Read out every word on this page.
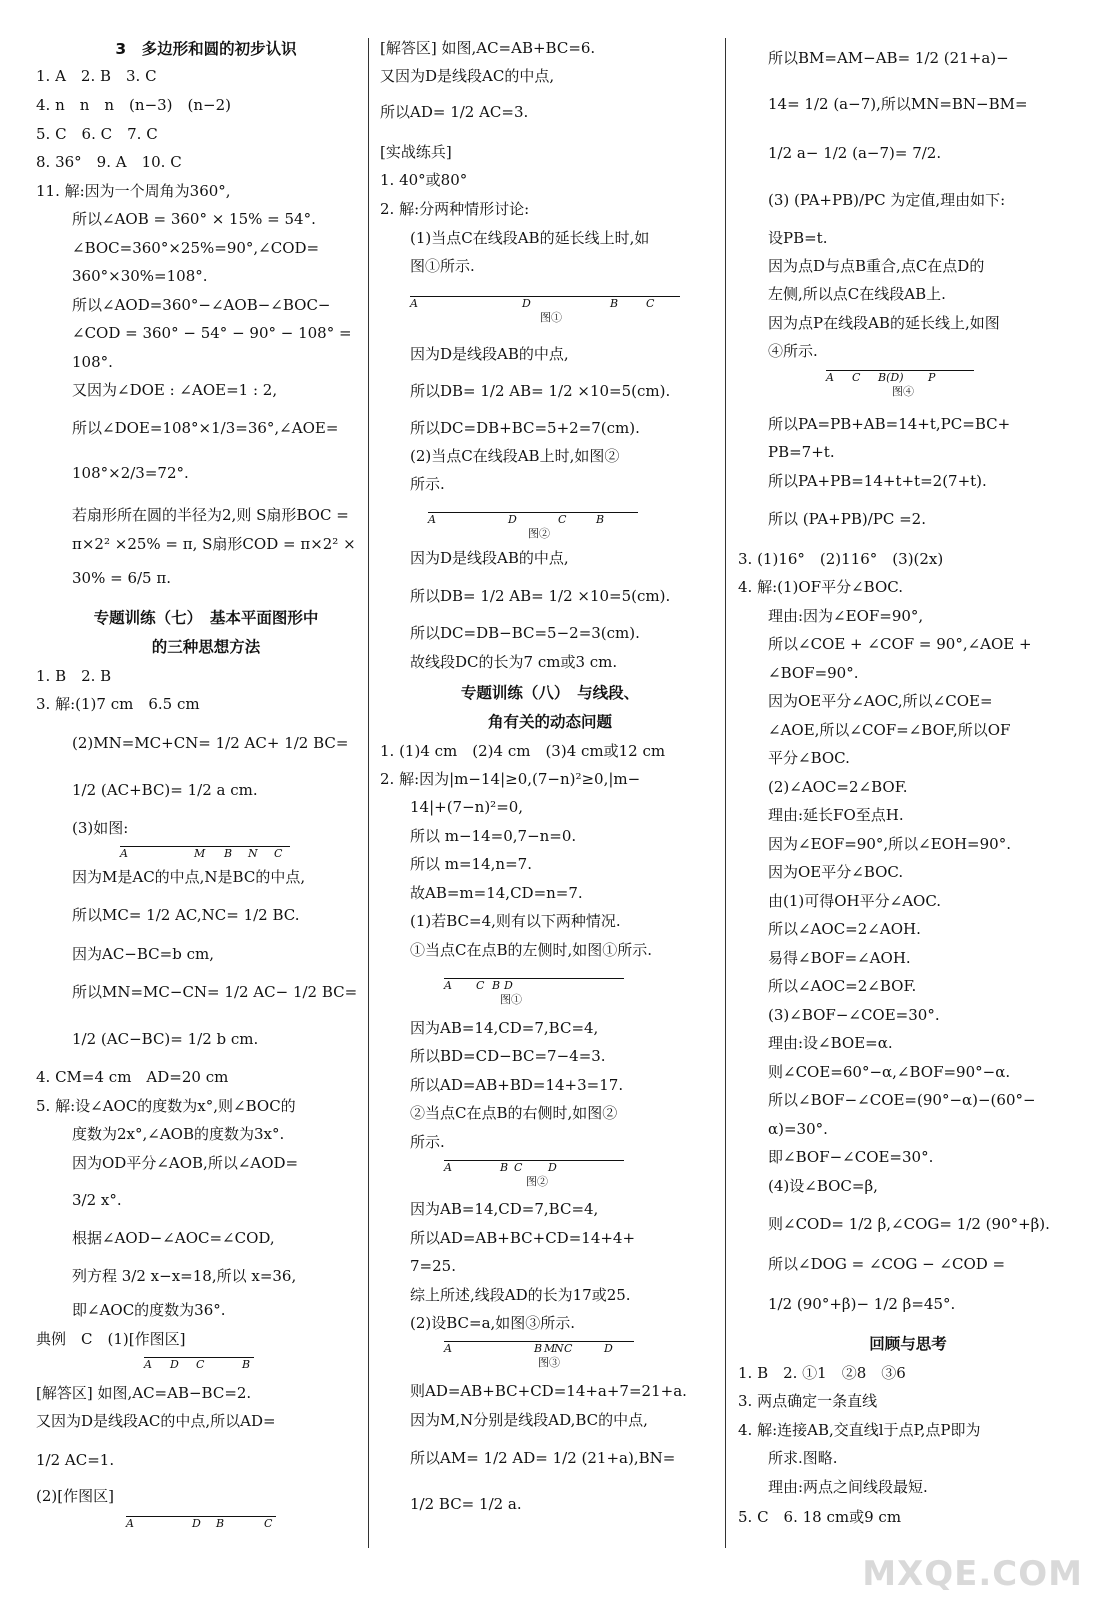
3　多边形和圆的初步认识
1. A　2. B　3. C
4. n　n　n　(n−3)　(n−2)
5. C　6. C　7. C
8. 36°　9. A　10. C
11. 解:因为一个周角为360°,
所以∠AOB = 360° × 15% = 54°.
∠BOC=360°×25%=90°,∠COD=
360°×30%=108°.
所以∠AOD=360°−∠AOB−∠BOC−
∠COD = 360° − 54° − 90° − 108° =
108°.
又因为∠DOE : ∠AOE=1 : 2,
所以∠DOE=108°×1/3=36°,∠AOE=
108°×2/3=72°.
若扇形所在圆的半径为2,则 S扇形BOC =
π×2² ×25% = π, S扇形COD = π×2² ×
30% = 6/5 π.
专题训练（七）　基本平面图形中
的三种思想方法
1. B　2. B
3. 解:(1)7 cm　6.5 cm
(2)MN=MC+CN= 1/2 AC+ 1/2 BC=
1/2 (AC+BC)= 1/2 a cm.
(3)如图:
因为M是AC的中点,N是BC的中点,
所以MC= 1/2 AC,NC= 1/2 BC.
因为AC−BC=b cm,
所以MN=MC−CN= 1/2 AC− 1/2 BC=
1/2 (AC−BC)= 1/2 b cm.
4. CM=4 cm　AD=20 cm
5. 解:设∠AOC的度数为x°,则∠BOC的
度数为2x°,∠AOB的度数为3x°.
因为OD平分∠AOB,所以∠AOD=
3/2 x°.
根据∠AOD−∠AOC=∠COD,
列方程 3/2 x−x=18,所以 x=36,
即∠AOC的度数为36°.
典例　C　(1)[作图区]
[解答区] 如图,AC=AB−BC=2.
又因为D是线段AC的中点,所以AD=
1/2 AC=1.
(2)[作图区]
A	M B N C
A D C	B
A	D B	C
[解答区] 如图,AC=AB+BC=6.
又因为D是线段AC的中点,
所以AD= 1/2 AC=3.
[实战练兵]
1. 40°或80°
2. 解:分两种情形讨论:
(1)当点C在线段AB的延长线上时,如
图①所示.
因为D是线段AB的中点,
所以DB= 1/2 AB= 1/2 ×10=5(cm).
所以DC=DB+BC=5+2=7(cm).
(2)当点C在线段AB上时,如图②
所示.
因为D是线段AB的中点,
所以DB= 1/2 AB= 1/2 ×10=5(cm).
所以DC=DB−BC=5−2=3(cm).
故线段DC的长为7 cm或3 cm.
专题训练（八）　与线段、
角有关的动态问题
1. (1)4 cm　(2)4 cm　(3)4 cm或12 cm
2. 解:因为|m−14|≥0,(7−n)²≥0,|m−
14|+(7−n)²=0,
所以 m−14=0,7−n=0.
所以 m=14,n=7.
故AB=m=14,CD=n=7.
(1)若BC=4,则有以下两种情况.
①当点C在点B的左侧时,如图①所示.
因为AB=14,CD=7,BC=4,
所以BD=CD−BC=7−4=3.
所以AD=AB+BD=14+3=17.
②当点C在点B的右侧时,如图②
所示.
因为AB=14,CD=7,BC=4,
所以AD=AB+BC+CD=14+4+
7=25.
综上所述,线段AD的长为17或25.
(2)设BC=a,如图③所示.
则AD=AB+BC+CD=14+a+7=21+a.
因为M,N分别是线段AD,BC的中点,
所以AM= 1/2 AD= 1/2 (21+a),BN=
1/2 BC= 1/2 a.
A	D	B	C
图①
A	D	C	B
图②
A C B D
图①
A	B C D
图②
A	B M
N C	D
图③
所以BM=AM−AB= 1/2 (21+a)−
14= 1/2 (a−7),所以MN=BN−BM=
1/2 a− 1/2 (a−7)= 7/2.
(3) (PA+PB)/PC 为定值,理由如下:
设PB=t.
因为点D与点B重合,点C在点D的
左侧,所以点C在线段AB上.
因为点P在线段AB的延长线上,如图
④所示.
所以PA=PB+AB=14+t,PC=BC+
PB=7+t.
所以PA+PB=14+t+t=2(7+t).
所以 (PA+PB)/PC =2.
3. (1)16°　(2)116°　(3)(2x)
4. 解:(1)OF平分∠BOC.
理由:因为∠EOF=90°,
所以∠COE + ∠COF = 90°,∠AOE +
∠BOF=90°.
因为OE平分∠AOC,所以∠COE=
∠AOE,所以∠COF=∠BOF,所以OF
平分∠BOC.
(2)∠AOC=2∠BOF.
理由:延长FO至点H.
因为∠EOF=90°,所以∠EOH=90°.
因为OE平分∠BOC.
由(1)可得OH平分∠AOC.
所以∠AOC=2∠AOH.
易得∠BOF=∠AOH.
所以∠AOC=2∠BOF.
(3)∠BOF−∠COE=30°.
理由:设∠BOE=α.
则∠COE=60°−α,∠BOF=90°−α.
所以∠BOF−∠COE=(90°−α)−(60°−
α)=30°.
即∠BOF−∠COE=30°.
(4)设∠BOC=β,
则∠COD= 1/2 β,∠COG= 1/2 (90°+β).
所以∠DOG = ∠COG − ∠COD =
1/2 (90°+β)− 1/2 β=45°.
回顾与思考
1. B　2. ①1　②8　③6
3. 两点确定一条直线
4. 解:连接AB,交直线l于点P,点P即为
所求.图略.
理由:两点之间线段最短.
5. C　6. 18 cm或9 cm
A C B(D) P
图④
MXQE.COM
